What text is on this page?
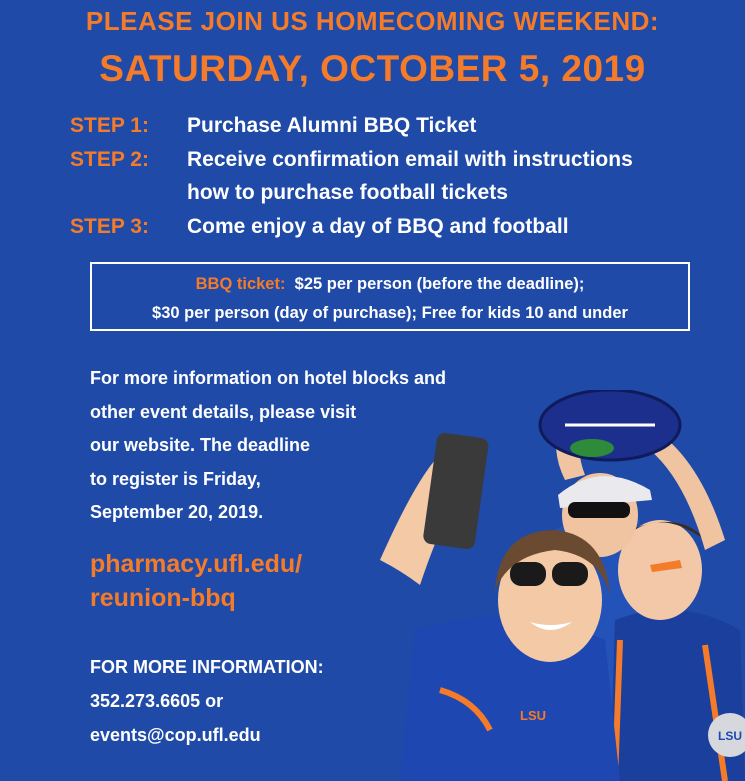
PLEASE JOIN US HOMECOMING WEEKEND:
SATURDAY, OCTOBER 5, 2019
STEP 1: Purchase Alumni BBQ Ticket
STEP 2: Receive confirmation email with instructions
how to purchase football tickets
STEP 3: Come enjoy a day of BBQ and football
BBQ ticket: $25 per person (before the deadline);
$30 per person (day of purchase); Free for kids 10 and under
For more information on hotel blocks and
other event details, please visit
our website. The deadline
to register is Friday,
September 20, 2019.
pharmacy.ufl.edu/
reunion-bbq
FOR MORE INFORMATION:
352.273.6605 or
events@cop.ufl.edu
LSU
LSU
